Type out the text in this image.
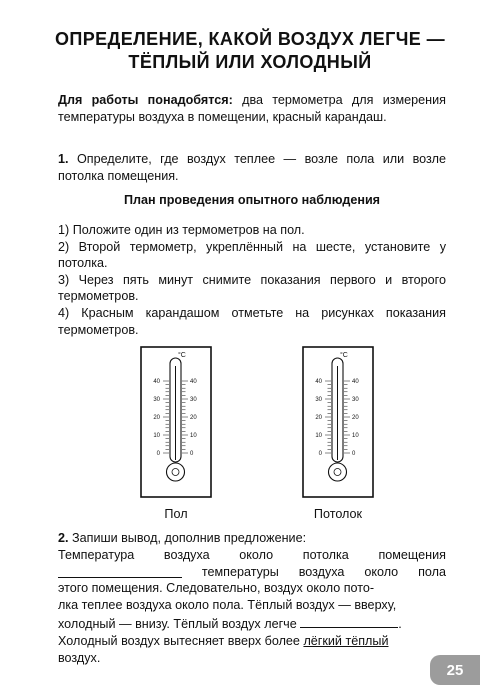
ОПРЕДЕЛЕНИЕ, КАКОЙ ВОЗДУХ ЛЕГЧЕ —
ТЁПЛЫЙ ИЛИ ХОЛОДНЫЙ
Для работы понадобятся: два термометра для измерения температуры воздуха в помещении, красный карандаш.
1. Определите, где воздух теплее — возле пола или возле потолка помещения.
План проведения опытного наблюдения
1) Положите один из термометров на пол.
2) Второй термометр, укреплённый на шесте, установите у потолка.
3) Через пять минут снимите показания первого и второго термометров.
4) Красным карандашом отметьте на рисунках показания термометров.
°С
40
30
20
10
0
40
30
20
10
0
°С
40
30
20
10
0
40
30
20
10
0
Пол	Потолок
2. Запиши вывод, дополнив предложение:
Температура воздуха около потолка помещения
температуры воздуха около пола
этого помещения. Следовательно, воздух около пото-
лка теплее воздуха около пола. Тёплый воздух — вверху,
холодный — внизу. Тёплый воздух легче	.
Холодный воздух вытесняет вверх более лёгкий тёплый
воздух.
25
